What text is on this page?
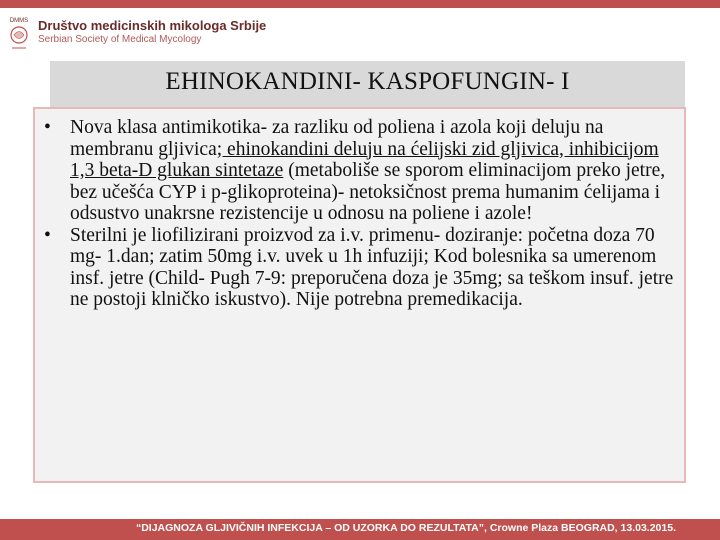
DMMS Društvo medicinskih mikologa Srbije
Serbian Society of Medical Mycology
EHINOKANDINI- KASPOFUNGIN- I
• Nova klasa antimikotika- za razliku od poliena i azola koji deluju na membranu gljivica; ehinokandini deluju na ćelijski zid gljivica, inhibicijom 1,3 beta-D glukan sintetaze (metaboliše se sporom eliminacijom preko jetre, bez učešća CYP i p-glikoproteina)- netoksičnost prema humanim ćelijama i odsustvo unakrsne rezistencije u odnosu na poliene i azole!
• Sterilni je liofilizirani proizvod za i.v. primenu- doziranje: početna doza 70 mg- 1.dan; zatim 50mg i.v. uvek u 1h infuziji; Kod bolesnika sa umerenom insf. jetre (Child- Pugh 7-9: preporučena doza je 35mg; sa teškom insuf. jetre ne postoji klničko iskustvo). Nije potrebna premedikacija.
“DIJAGNOZA GLJIVIČNIH INFEKCIJA – OD UZORKA DO REZULTATA”, Crowne Plaza BEOGRAD, 13.03.2015.
